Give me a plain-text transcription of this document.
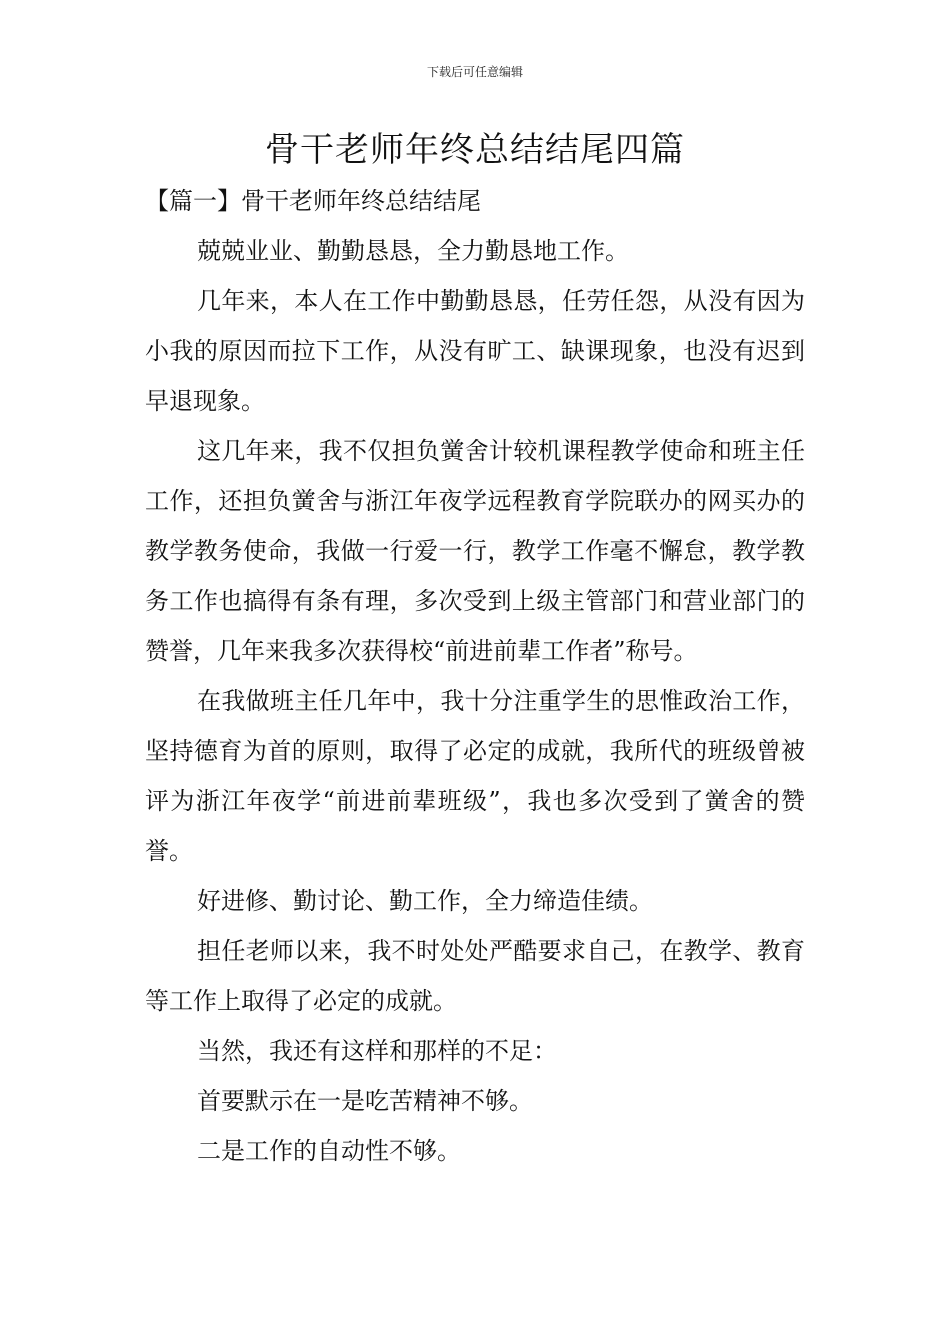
下载后可任意编辑
骨干老师年终总结结尾四篇

【篇一】骨干老师年终总结结尾

兢兢业业、勤勤恳恳，全力勤恳地工作。

几年来，本人在工作中勤勤恳恳，任劳任怨，从没有因为小我的原因而拉下工作，从没有旷工、缺课现象，也没有迟到早退现象。

这几年来，我不仅担负黉舍计较机课程教学使命和班主任工作，还担负黉舍与浙江年夜学远程教育学院联办的网买办的教学教务使命，我做一行爱一行，教学工作毫不懈怠，教学教务工作也搞得有条有理，多次受到上级主管部门和营业部门的赞誉，几年来我多次获得校“前进前辈工作者”称号。

在我做班主任几年中，我十分注重学生的思惟政治工作，坚持德育为首的原则，取得了必定的成就，我所代的班级曾被评为浙江年夜学“前进前辈班级”，我也多次受到了黉舍的赞誉。

好进修、勤讨论、勤工作，全力缔造佳绩。

担任老师以来，我不时处处严酷要求自己，在教学、教育等工作上取得了必定的成就。

当然，我还有这样和那样的不足：

首要默示在一是吃苦精神不够。

二是工作的自动性不够。
